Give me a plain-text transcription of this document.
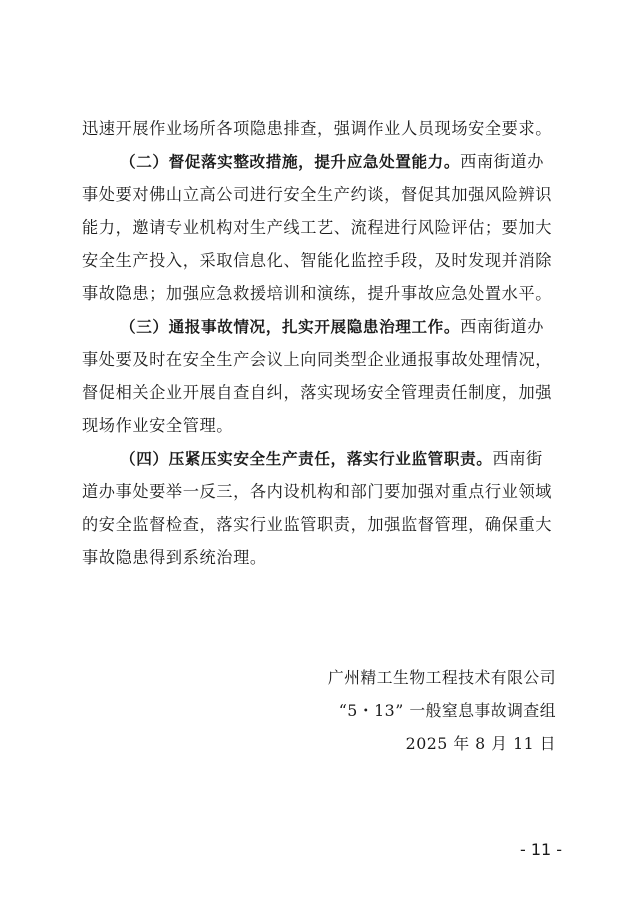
迅速开展作业场所各项隐患排查，强调作业人员现场安全要求。
（二）督促落实整改措施，提升应急处置能力。西南街道办
事处要对佛山立高公司进行安全生产约谈，督促其加强风险辨识
能力，邀请专业机构对生产线工艺、流程进行风险评估；要加大
安全生产投入，采取信息化、智能化监控手段，及时发现并消除
事故隐患；加强应急救援培训和演练，提升事故应急处置水平。
（三）通报事故情况，扎实开展隐患治理工作。西南街道办
事处要及时在安全生产会议上向同类型企业通报事故处理情况，
督促相关企业开展自查自纠，落实现场安全管理责任制度，加强
现场作业安全管理。
（四）压紧压实安全生产责任，落实行业监管职责。西南街
道办事处要举一反三，各内设机构和部门要加强对重点行业领域
的安全监督检查，落实行业监管职责，加强监督管理，确保重大
事故隐患得到系统治理。
广州精工生物工程技术有限公司
“5・13” 一般窒息事故调查组
2025 年 8 月 11 日
- 11 -
